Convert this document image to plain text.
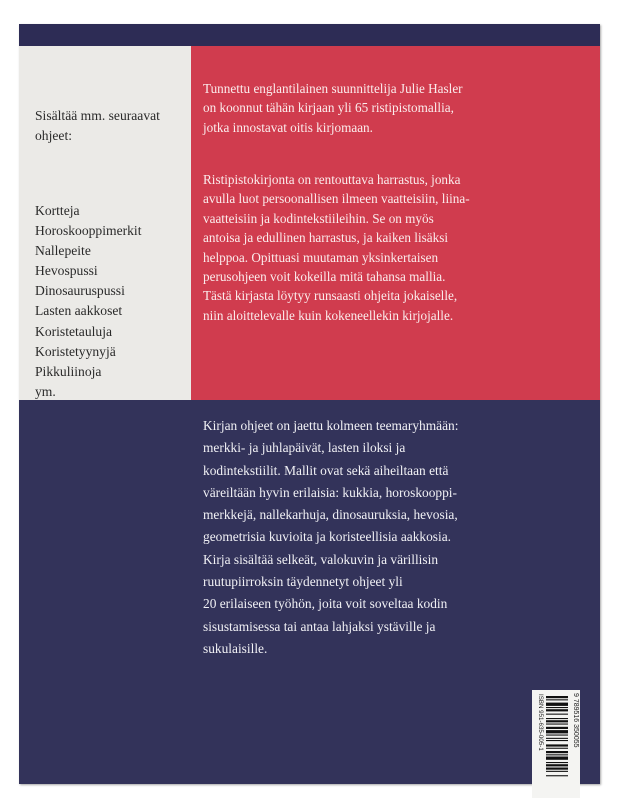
Sisältää mm. seuraavat
ohjeet:

Kortteja
Horoskooppimerkit
Nallepeite
Hevospussi
Dinosauruspussi
Lasten aakkoset
Koristetauluja
Koristetyynyjä
Pikkuliinoja
ym.

Tunnettu englantilainen suunnittelija Julie Hasler
on koonnut tähän kirjaan yli 65 ristipistomallia,
jotka innostavat oitis kirjomaan.

Ristipistokirjonta on rentouttava harrastus, jonka
avulla luot persoonallisen ilmeen vaatteisiin, liina-
vaatteisiin ja kodintekstiileihin. Se on myös
antoisa ja edullinen harrastus, ja kaiken lisäksi
helppoa. Opittuasi muutaman yksinkertaisen
perusohjeen voit kokeilla mitä tahansa mallia.
Tästä kirjasta löytyy runsaasti ohjeita jokaiselle,
niin aloittelevalle kuin kokeneellekin kirjojalle.

Kirjan ohjeet on jaettu kolmeen teemaryhmään:
merkki- ja juhlapäivät, lasten iloksi ja
kodintekstiilit. Mallit ovat sekä aiheiltaan että
väreiltään hyvin erilaisia: kukkia, horoskooppi-
merkkejä, nallekarhuja, dinosauruksia, hevosia,
geometrisia kuvioita ja koristeellisia aakkosia.
Kirja sisältää selkeät, valokuvin ja värillisin
ruutupiirroksin täydennetyt ohjeet yli
20 erilaiseen työhön, joita voit soveltaa kodin
sisustamisessa tai antaa lahjaksi ystäville ja
sukulaisille.

ISBN 951-635-005-1	9 789516 350055
